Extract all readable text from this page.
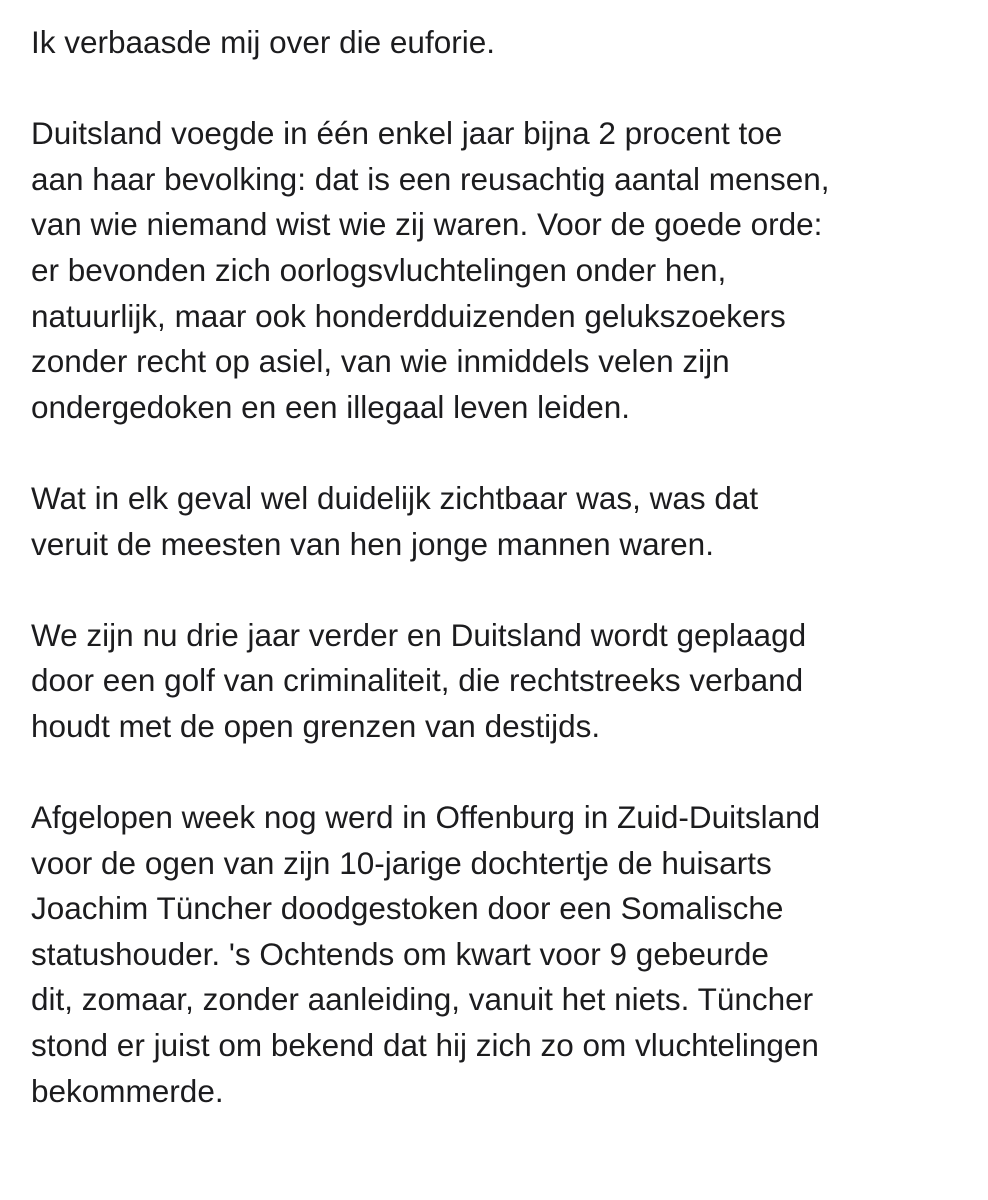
Ik verbaasde mij over die euforie.
Duitsland voegde in één enkel jaar bijna 2 procent toe
aan haar bevolking: dat is een reusachtig aantal mensen,
van wie niemand wist wie zij waren. Voor de goede orde:
er bevonden zich oorlogsvluchtelingen onder hen,
natuurlijk, maar ook honderdduizenden gelukszoekers
zonder recht op asiel, van wie inmiddels velen zijn
ondergedoken en een illegaal leven leiden.
Wat in elk geval wel duidelijk zichtbaar was, was dat
veruit de meesten van hen jonge mannen waren.
We zijn nu drie jaar verder en Duitsland wordt geplaagd
door een golf van criminaliteit, die rechtstreeks verband
houdt met de open grenzen van destijds.
Afgelopen week nog werd in Offenburg in Zuid-Duitsland
voor de ogen van zijn 10-jarige dochtertje de huisarts
Joachim Tüncher doodgestoken door een Somalische
statushouder. 's Ochtends om kwart voor 9 gebeurde
dit, zomaar, zonder aanleiding, vanuit het niets. Tüncher
stond er juist om bekend dat hij zich zo om vluchtelingen
bekommerde.
